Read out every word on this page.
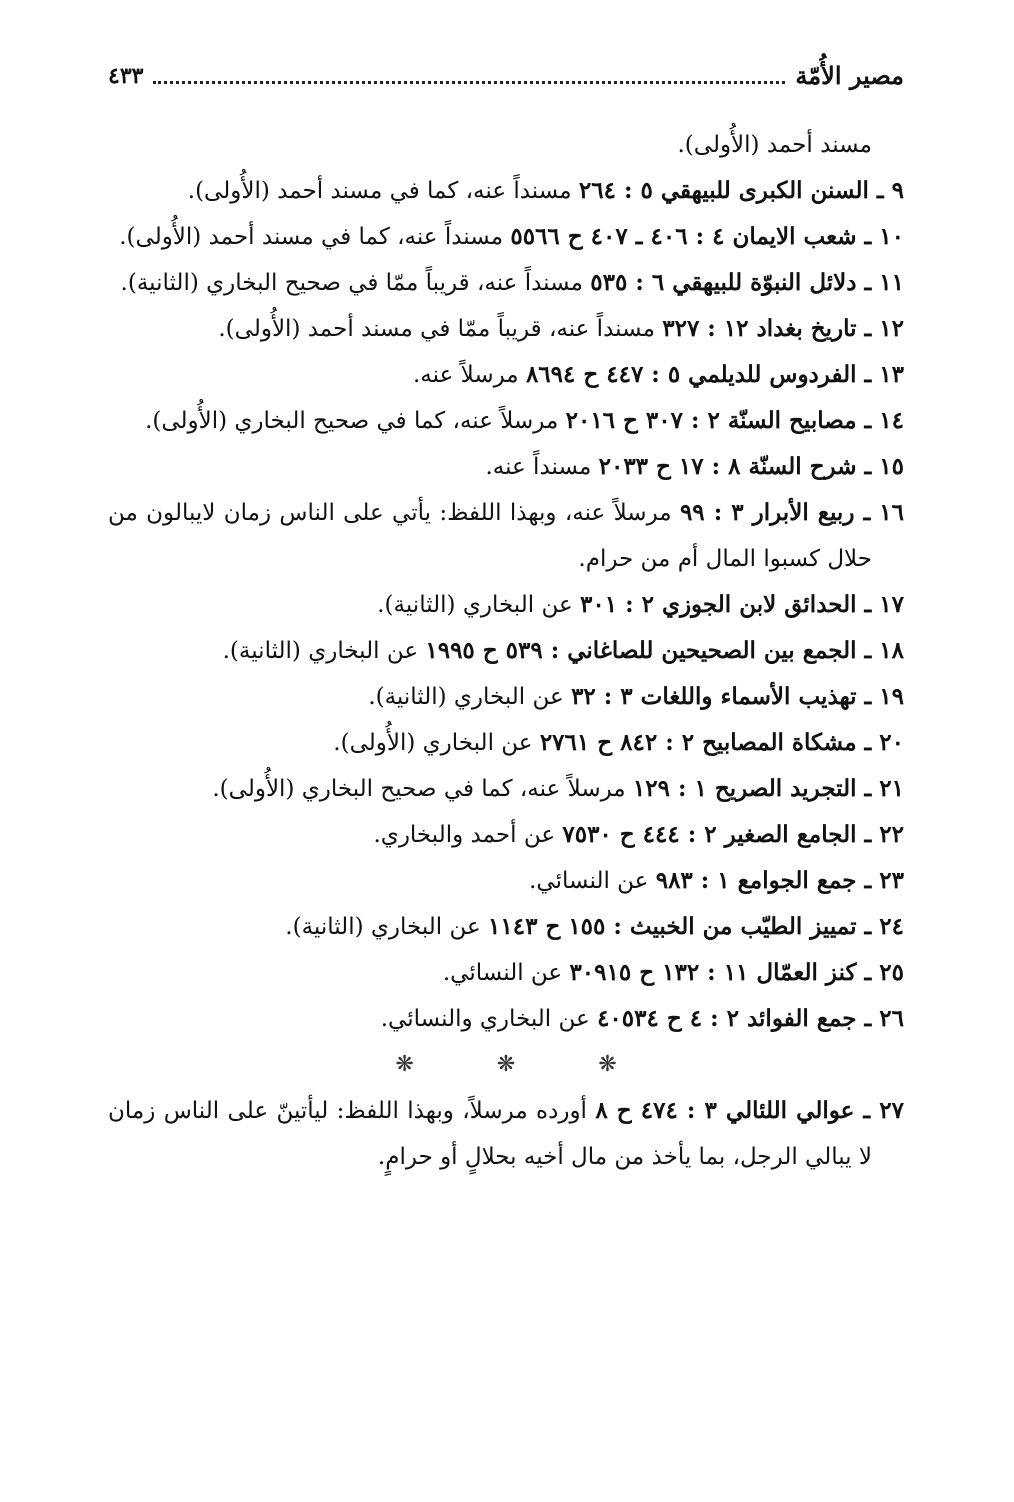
مصير الأُمّة
٤٣٣
مسند أحمد (الأُولى).
٩ ـ السنن الكبرى للبيهقي ٥ : ٢٦٤ مسنداً عنه، كما في مسند أحمد (الأُولى).
١٠ ـ شعب الايمان ٤ : ٤٠٦ ـ ٤٠٧ ح ٥٥٦٦ مسنداً عنه، كما في مسند أحمد (الأُولى).
١١ ـ دلائل النبوّة للبيهقي ٦ : ٥٣٥ مسنداً عنه، قريباً ممّا في صحيح البخاري (الثانية).
١٢ ـ تاريخ بغداد ١٢ : ٣٢٧ مسنداً عنه، قريباً ممّا في مسند أحمد (الأُولى).
١٣ ـ الفردوس للديلمي ٥ : ٤٤٧ ح ٨٦٩٤ مرسلاً عنه.
١٤ ـ مصابيح السنّة ٢ : ٣٠٧ ح ٢٠١٦ مرسلاً عنه، كما في صحيح البخاري (الأُولى).
١٥ ـ شرح السنّة ٨ : ١٧ ح ٢٠٣٣ مسنداً عنه.
١٦ ـ ربيع الأبرار ٣ : ٩٩ مرسلاً عنه، وبهذا اللفظ: يأتي على الناس زمان لايبالون من حلال كسبوا المال أم من حرام.
١٧ ـ الحدائق لابن الجوزي ٢ : ٣٠١ عن البخاري (الثانية).
١٨ ـ الجمع بين الصحيحين للصاغاني : ٥٣٩ ح ١٩٩٥ عن البخاري (الثانية).
١٩ ـ تهذيب الأسماء واللغات ٣ : ٣٢ عن البخاري (الثانية).
٢٠ ـ مشكاة المصابيح ٢ : ٨٤٢ ح ٢٧٦١ عن البخاري (الأُولى).
٢١ ـ التجريد الصريح ١ : ١٢٩ مرسلاً عنه، كما في صحيح البخاري (الأُولى).
٢٢ ـ الجامع الصغير ٢ : ٤٤٤ ح ٧٥٣٠ عن أحمد والبخاري.
٢٣ ـ جمع الجوامع ١ : ٩٨٣ عن النسائي.
٢٤ ـ تمييز الطيّب من الخبيث : ١٥٥ ح ١١٤٣ عن البخاري (الثانية).
٢٥ ـ كنز العمّال ١١ : ١٣٢ ح ٣٠٩١٥ عن النسائي.
٢٦ ـ جمع الفوائد ٢ : ٤ ح ٤٠٥٣٤ عن البخاري والنسائي.
❋ ❋ ❋
٢٧ ـ عوالي اللئالي ٣ : ٤٧٤ ح ٨ أورده مرسلاً، وبهذا اللفظ: ليأتينّ على الناس زمان لا يبالي الرجل، بما يأخذ من مال أخيه بحلالٍ أو حرامٍ.
